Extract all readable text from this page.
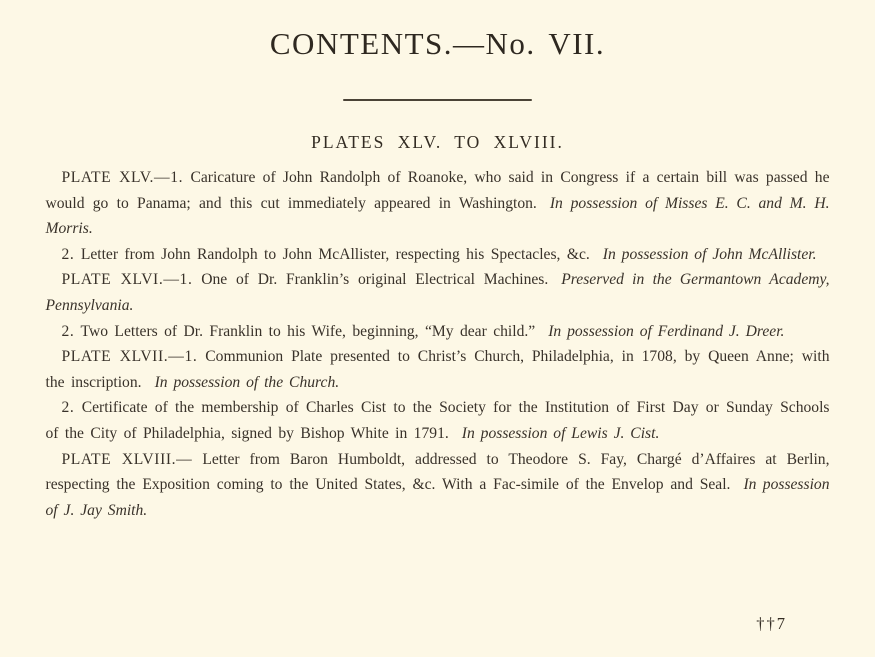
CONTENTS.—No. VII.
PLATES XLV. TO XLVIII.

PLATE XLV.—1. Caricature of John Randolph of Roanoke, who said in Congress if a certain bill was passed he would go to Panama; and this cut immediately appeared in Washington. In possession of Misses E. C. and M. H. Morris.

2. Letter from John Randolph to John McAllister, respecting his Spectacles, &c. In possession of John McAllister.

PLATE XLVI.—1. One of Dr. Franklin’s original Electrical Machines. Preserved in the Germantown Academy, Pennsylvania.

2. Two Letters of Dr. Franklin to his Wife, beginning, “My dear child.” In possession of Ferdinand J. Dreer.

PLATE XLVII.—1. Communion Plate presented to Christ’s Church, Philadelphia, in 1708, by Queen Anne; with the inscription. In possession of the Church.

2. Certificate of the membership of Charles Cist to the Society for the Institution of First Day or Sunday Schools of the City of Philadelphia, signed by Bishop White in 1791. In possession of Lewis J. Cist.

PLATE XLVIII.— Letter from Baron Humboldt, addressed to Theodore S. Fay, Chargé d’Affaires at Berlin, respecting the Exposition coming to the United States, &c. With a Fac-simile of the Envelop and Seal. In possession of J. Jay Smith.

††7
